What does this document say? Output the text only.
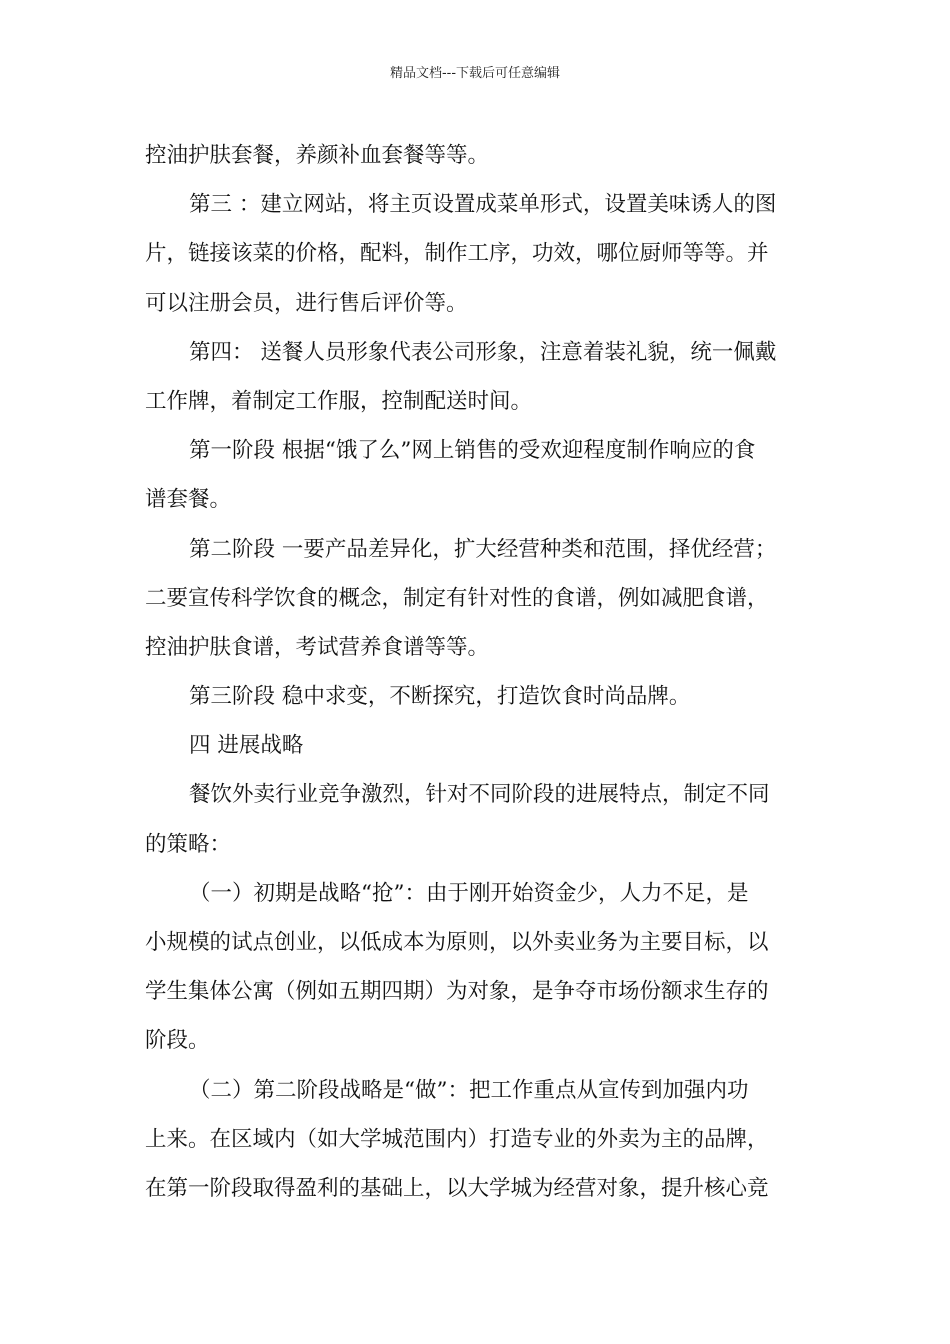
精品文档---下载后可任意编辑
控油护肤套餐，养颜补血套餐等等。
第三 ：建立网站，将主页设置成菜单形式，设置美味诱人的图
片，链接该菜的价格，配料，制作工序，功效，哪位厨师等等。并
可以注册会员，进行售后评价等。
第四： 送餐人员形象代表公司形象，注意着装礼貌，统一佩戴
工作牌，着制定工作服，控制配送时间。
第一阶段 根据“饿了么”网上销售的受欢迎程度制作响应的食
谱套餐。
第二阶段 一要产品差异化，扩大经营种类和范围，择优经营；
二要宣传科学饮食的概念，制定有针对性的食谱，例如减肥食谱，
控油护肤食谱，考试营养食谱等等。
第三阶段 稳中求变，不断探究，打造饮食时尚品牌。
四 进展战略
餐饮外卖行业竞争激烈，针对不同阶段的进展特点，制定不同
的策略：
（一）初期是战略“抢”：由于刚开始资金少，人力不足，是
小规模的试点创业，以低成本为原则，以外卖业务为主要目标，以
学生集体公寓（例如五期四期）为对象，是争夺市场份额求生存的
阶段。
（二）第二阶段战略是“做”：把工作重点从宣传到加强内功
上来。在区域内（如大学城范围内）打造专业的外卖为主的品牌，
在第一阶段取得盈利的基础上，以大学城为经营对象，提升核心竞
